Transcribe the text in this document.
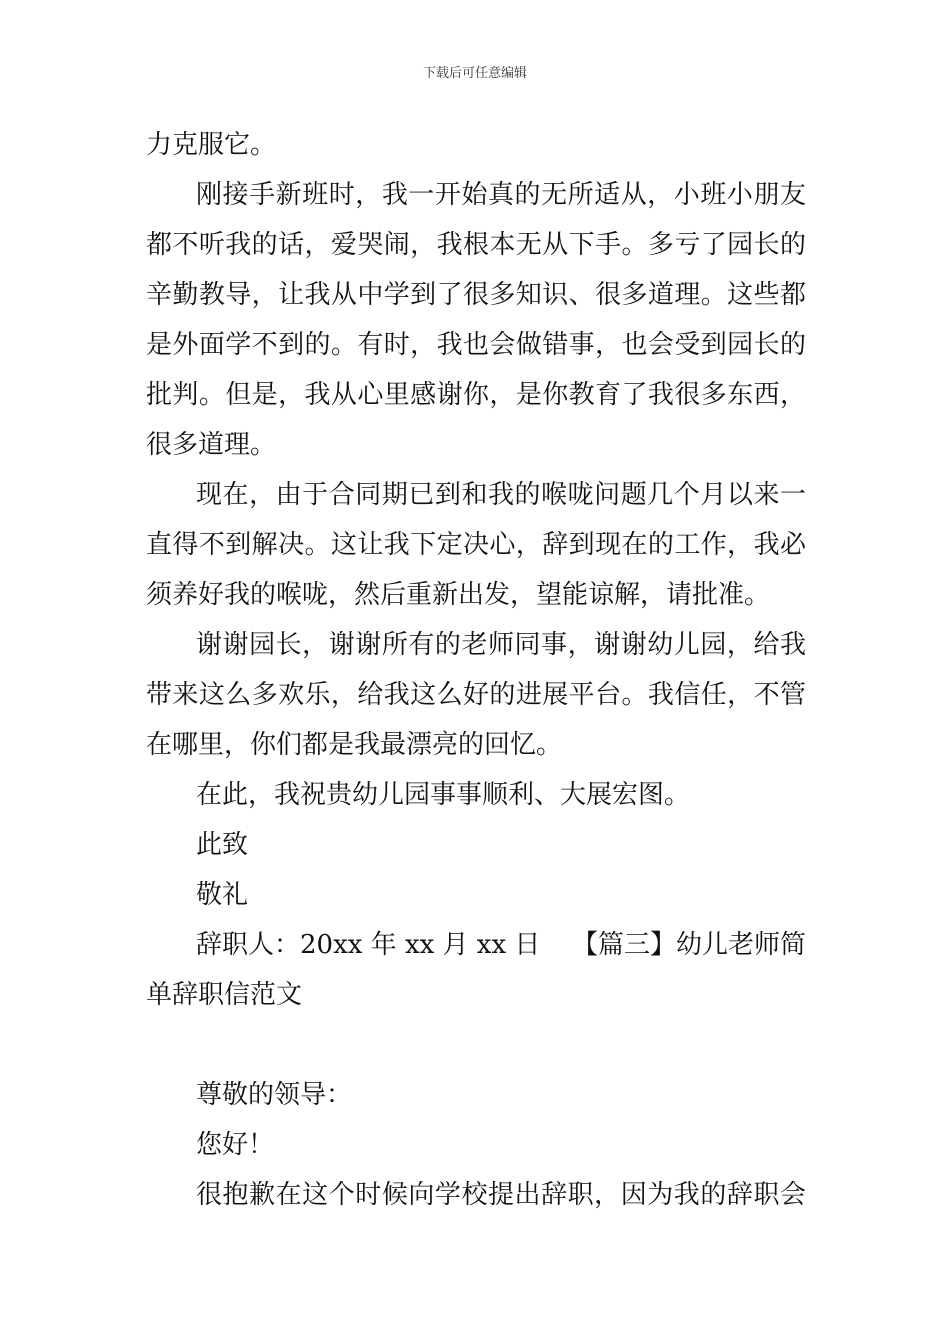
下载后可任意编辑
力克服它。
刚接手新班时，我一开始真的无所适从，小班小朋友
都不听我的话，爱哭闹，我根本无从下手。多亏了园长的
辛勤教导，让我从中学到了很多知识、很多道理。这些都
是外面学不到的。有时，我也会做错事，也会受到园长的
批判。但是，我从心里感谢你，是你教育了我很多东西，
很多道理。
现在，由于合同期已到和我的喉咙问题几个月以来一
直得不到解决。这让我下定决心，辞到现在的工作，我必
须养好我的喉咙，然后重新出发，望能谅解，请批准。
谢谢园长，谢谢所有的老师同事，谢谢幼儿园，给我
带来这么多欢乐，给我这么好的进展平台。我信任，不管
在哪里，你们都是我最漂亮的回忆。
在此，我祝贵幼儿园事事顺利、大展宏图。
此致
敬礼
辞职人：20xx 年 xx 月 xx 日 【篇三】幼儿老师简
单辞职信范文
尊敬的领导：
您好！
很抱歉在这个时候向学校提出辞职，因为我的辞职会
